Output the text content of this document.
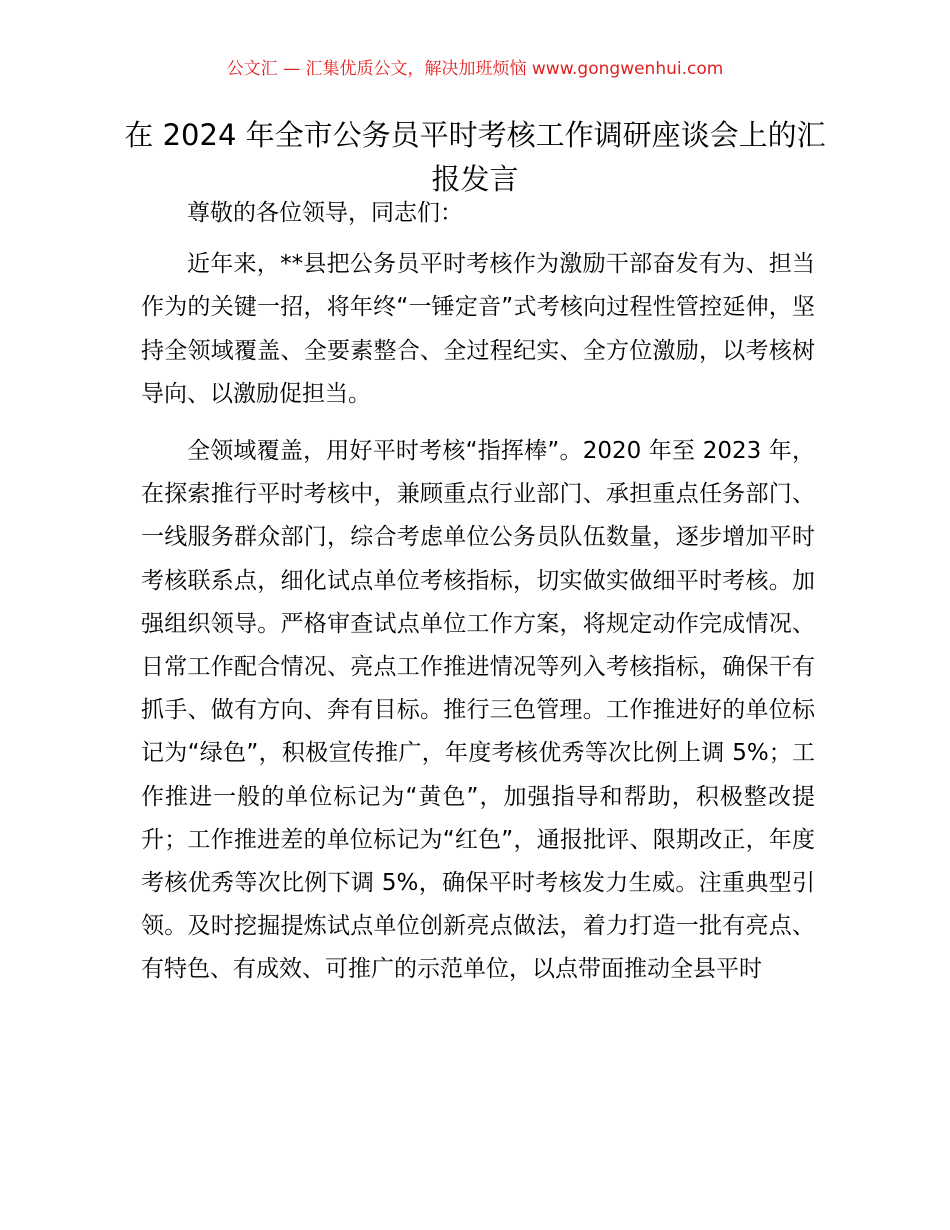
公文汇 — 汇集优质公文，解决加班烦恼 www.gongwenhui.com
在 2024 年全市公务员平时考核工作调研座谈会上的汇报发言

尊敬的各位领导，同志们：

近年来，**县把公务员平时考核作为激励干部奋发有为、担当作为的关键一招，将年终“一锤定音”式考核向过程性管控延伸，坚持全领域覆盖、全要素整合、全过程纪实、全方位激励，以考核树导向、以激励促担当。

全领域覆盖，用好平时考核“指挥棒”。2020 年至 2023 年，在探索推行平时考核中，兼顾重点行业部门、承担重点任务部门、一线服务群众部门，综合考虑单位公务员队伍数量，逐步增加平时考核联系点，细化试点单位考核指标，切实做实做细平时考核。加强组织领导。严格审查试点单位工作方案，将规定动作完成情况、日常工作配合情况、亮点工作推进情况等列入考核指标，确保干有抓手、做有方向、奔有目标。推行三色管理。工作推进好的单位标记为“绿色”，积极宣传推广，年度考核优秀等次比例上调 5%；工作推进一般的单位标记为“黄色”，加强指导和帮助，积极整改提升；工作推进差的单位标记为“红色”，通报批评、限期改正，年度考核优秀等次比例下调 5%，确保平时考核发力生威。注重典型引领。及时挖掘提炼试点单位创新亮点做法，着力打造一批有亮点、有特色、有成效、可推广的示范单位，以点带面推动全县平时
